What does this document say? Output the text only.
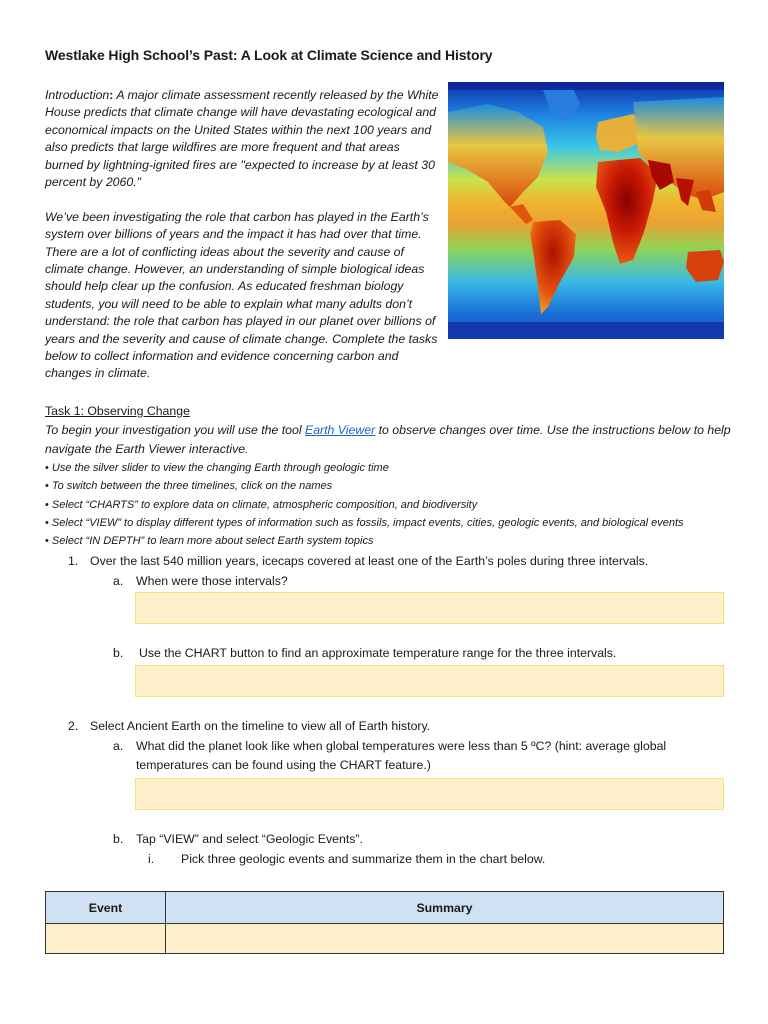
Westlake High School’s Past: A Look at Climate Science and History

Introduction: A major climate assessment recently released by the White House predicts that climate change will have devastating ecological and economical impacts on the United States within the next 100 years and also predicts that large wildfires are more frequent and that areas burned by lightning-ignited fires are "expected to increase by at least 30 percent by 2060."

We’ve been investigating the role that carbon has played in the Earth’s system over billions of years and the impact it has had over that time. There are a lot of conflicting ideas about the severity and cause of climate change. However, an understanding of simple biological ideas should help clear up the confusion. As educated freshman biology students, you will need to be able to explain what many adults don’t understand: the role that carbon has played in our planet over billions of years and the severity and cause of climate change. Complete the tasks below to collect information and evidence concerning carbon and changes in climate.

Task 1: Observing Change
To begin your investigation you will use the tool Earth Viewer to observe changes over time. Use the instructions below to help navigate the Earth Viewer interactive.
• Use the silver slider to view the changing Earth through geologic time
• To switch between the three timelines, click on the names
• Select “CHARTS” to explore data on climate, atmospheric composition, and biodiversity
• Select “VIEW” to display different types of information such as fossils, impact events, cities, geologic events, and biological events
• Select “IN DEPTH” to learn more about select Earth system topics
1. Over the last 540 million years, icecaps covered at least one of the Earth’s poles during three intervals.
a. When were those intervals?
b. Use the CHART button to find an approximate temperature range for the three intervals.
2. Select Ancient Earth on the timeline to view all of Earth history.
a. What did the planet look like when global temperatures were less than 5 ºC? (hint: average global temperatures can be found using the CHART feature.)
b. Tap “VIEW” and select “Geologic Events”.
i. Pick three geologic events and summarize them in the chart below.
Event	Summary
